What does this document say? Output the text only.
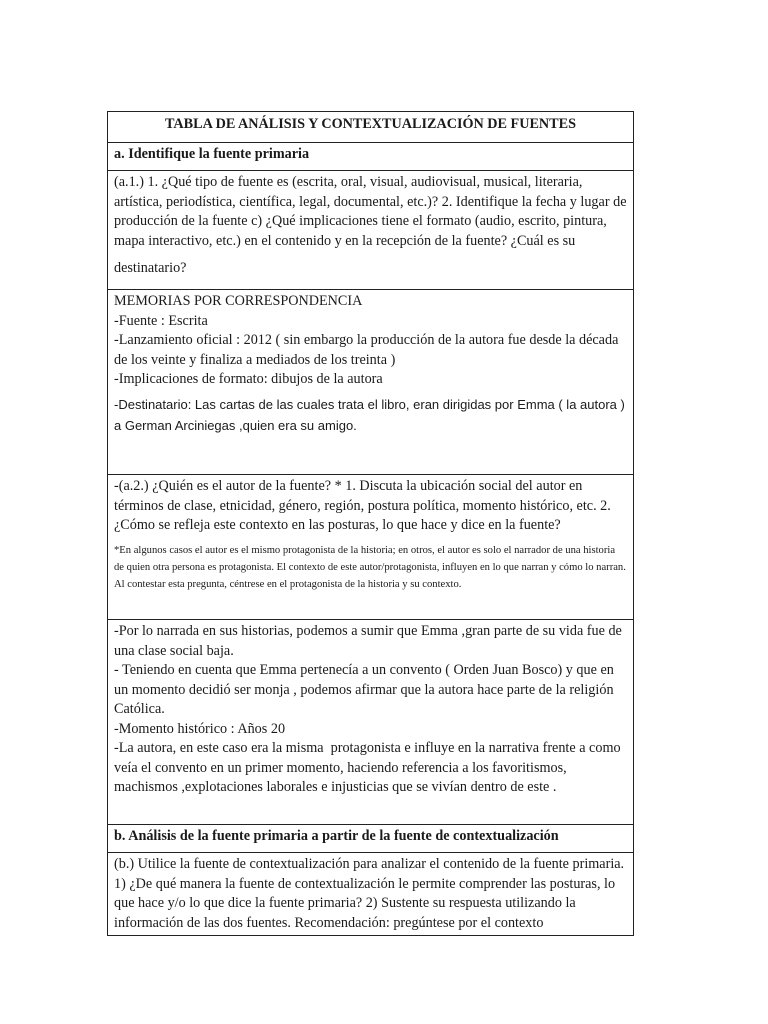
TABLA DE ANÁLISIS Y CONTEXTUALIZACIÓN DE FUENTES
a. Identifique la fuente primaria

(a.1.) 1. ¿Qué tipo de fuente es (escrita, oral, visual, audiovisual, musical, literaria, artística, periodística, científica, legal, documental, etc.)? 2. Identifique la fecha y lugar de producción de la fuente c) ¿Qué implicaciones tiene el formato (audio, escrito, pintura, mapa interactivo, etc.) en el contenido y en la recepción de la fuente? ¿Cuál es su
destinatario?

MEMORIAS POR CORRESPONDENCIA
-Fuente : Escrita
-Lanzamiento oficial : 2012 ( sin embargo la producción de la autora fue desde la década de los veinte y finaliza a mediados de los treinta )
-Implicaciones de formato: dibujos de la autora
-Destinatario: Las cartas de las cuales trata el libro, eran dirigidas por Emma ( la autora ) a German Arciniegas ,quien era su amigo.

-(a.2.) ¿Quién es el autor de la fuente? * 1. Discuta la ubicación social del autor en términos de clase, etnicidad, género, región, postura política, momento histórico, etc. 2. ¿Cómo se refleja este contexto en las posturas, lo que hace y dice en la fuente?
*En algunos casos el autor es el mismo protagonista de la historia; en otros, el autor es solo el narrador de una historia de quien otra persona es protagonista. El contexto de este autor/protagonista, influyen en lo que narran y cómo lo narran. Al contestar esta pregunta, céntrese en el protagonista de la historia y su contexto.

-Por lo narrada en sus historias, podemos a sumir que Emma ,gran parte de su vida fue de una clase social baja.
- Teniendo en cuenta que Emma pertenecía a un convento ( Orden Juan Bosco) y que en un momento decidió ser monja , podemos afirmar que la autora hace parte de la religión Católica.
-Momento histórico : Años 20
-La autora, en este caso era la misma  protagonista e influye en la narrativa frente a como veía el convento en un primer momento, haciendo referencia a los favoritismos, machismos ,explotaciones laborales e injusticias que se vivían dentro de este .

b. Análisis de la fuente primaria a partir de la fuente de contextualización

(b.) Utilice la fuente de contextualización para analizar el contenido de la fuente primaria. 1) ¿De qué manera la fuente de contextualización le permite comprender las posturas, lo que hace y/o lo que dice la fuente primaria? 2) Sustente su respuesta utilizando la información de las dos fuentes. Recomendación: pregúntese por el contexto
